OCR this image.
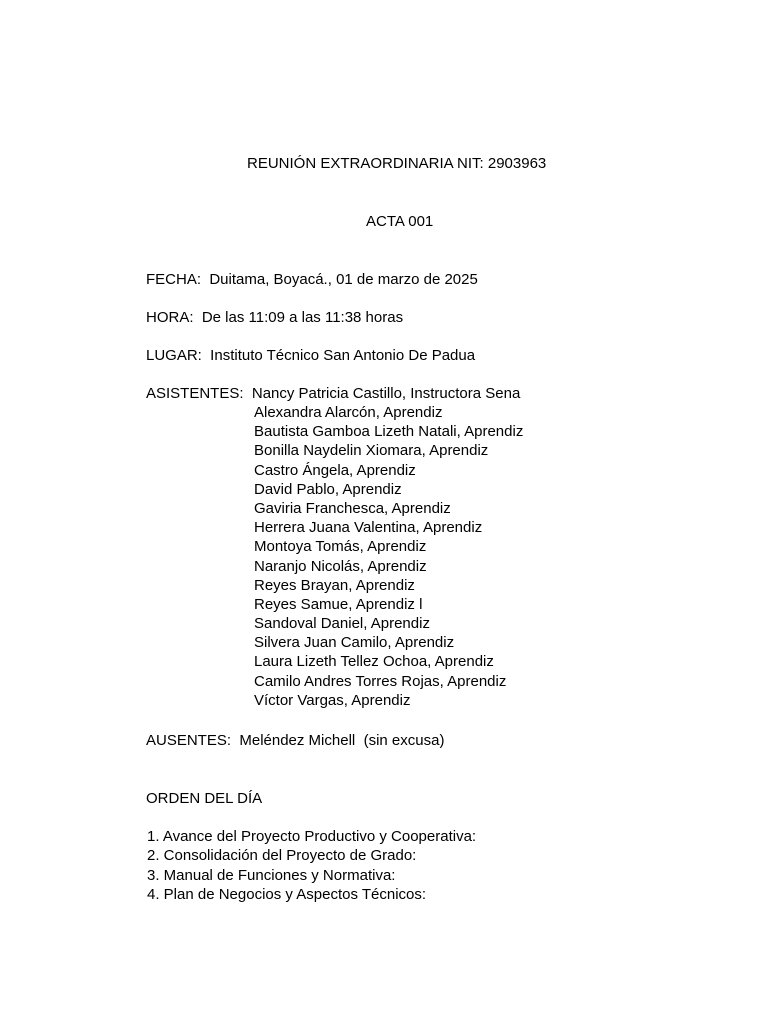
REUNIÓN EXTRAORDINARIA NIT: 2903963
ACTA 001
FECHA:  Duitama, Boyacá., 01 de marzo de 2025
HORA:  De las 11:09 a las 11:38 horas
LUGAR:  Instituto Técnico San Antonio De Padua
ASISTENTES:  Nancy Patricia Castillo, Instructora Sena
Alexandra Alarcón, Aprendiz
Bautista Gamboa Lizeth Natali, Aprendiz
Bonilla Naydelin Xiomara, Aprendiz
Castro Ángela, Aprendiz
David Pablo, Aprendiz
Gaviria Franchesca, Aprendiz
Herrera Juana Valentina, Aprendiz
Montoya Tomás, Aprendiz
Naranjo Nicolás, Aprendiz
Reyes Brayan, Aprendiz
Reyes Samue, Aprendiz l
Sandoval Daniel, Aprendiz
Silvera Juan Camilo, Aprendiz
Laura Lizeth Tellez Ochoa, Aprendiz
Camilo Andres Torres Rojas, Aprendiz
Víctor Vargas, Aprendiz
AUSENTES:  Meléndez Michell  (sin excusa)
ORDEN DEL DÍA
1. Avance del Proyecto Productivo y Cooperativa:
2. Consolidación del Proyecto de Grado:
3. Manual de Funciones y Normativa:
4. Plan de Negocios y Aspectos Técnicos:
